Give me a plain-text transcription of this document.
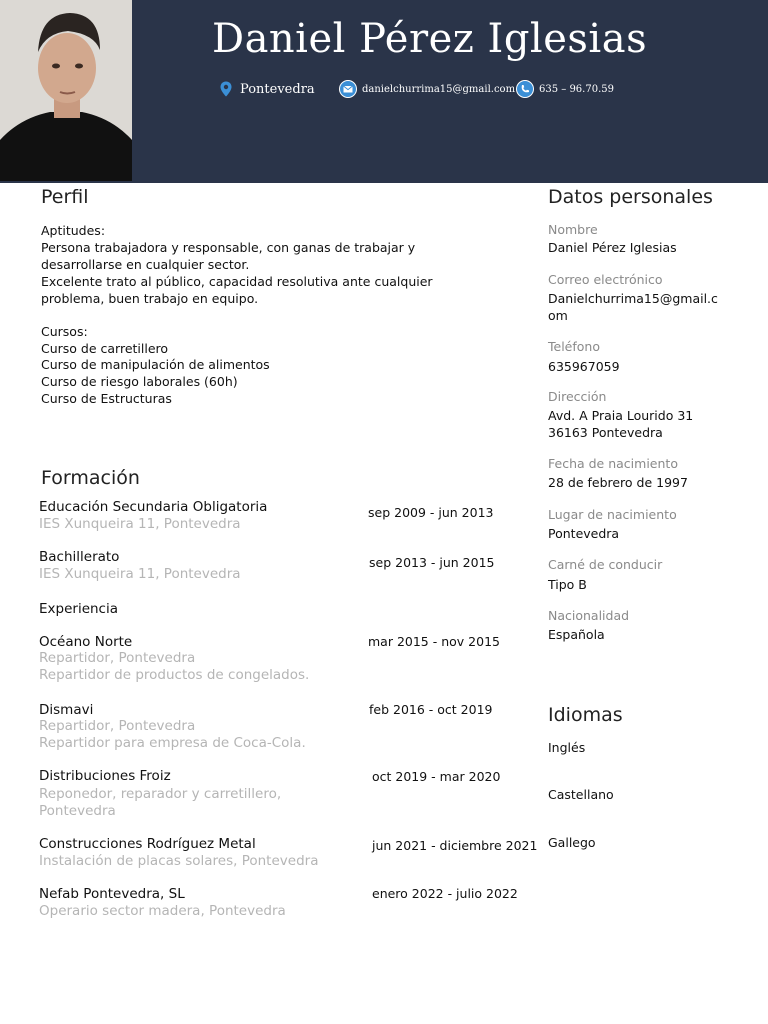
Daniel Pérez Iglesias
Pontevedra	danielchurrima15@gmail.com 635 – 96.70.59
Perfil
Aptitudes:
Persona trabajadora y responsable, con ganas de trabajar y
desarrollarse en cualquier sector.
Excelente trato al público, capacidad resolutiva ante cualquier
problema, buen trabajo en equipo.
Cursos:
Curso de carretillero
Curso de manipulación de alimentos
Curso de riesgo laborales (60h)
Curso de Estructuras
Formación
Educación Secundaria Obligatoria
IES Xunqueira 11, Pontevedra
sep 2009 - jun 2013
Bachillerato
IES Xunqueira 11, Pontevedra
sep 2013 - jun 2015
Experiencia
Océano Norte
Repartidor, Pontevedra
Repartidor de productos de congelados.
mar 2015 - nov 2015
Dismavi
Repartidor, Pontevedra
Repartidor para empresa de Coca-Cola.
feb 2016 - oct 2019
Distribuciones Froiz
Reponedor, reparador y carretillero,
Pontevedra
oct 2019 - mar 2020
Construcciones Rodríguez Metal
Instalación de placas solares, Pontevedra
jun 2021 - diciembre 2021
Nefab Pontevedra, SL
Operario sector madera, Pontevedra
enero 2022 - julio 2022
Datos personales
Nombre
Daniel Pérez Iglesias
Correo electrónico
Danielchurrima15@gmail.c
om
Teléfono
635967059
Dirección
Avd. A Praia Lourido 31
36163 Pontevedra
Fecha de nacimiento
28 de febrero de 1997
Lugar de nacimiento
Pontevedra
Carné de conducir
Tipo B
Nacionalidad
Española
Idiomas
Inglés
Castellano
Gallego
